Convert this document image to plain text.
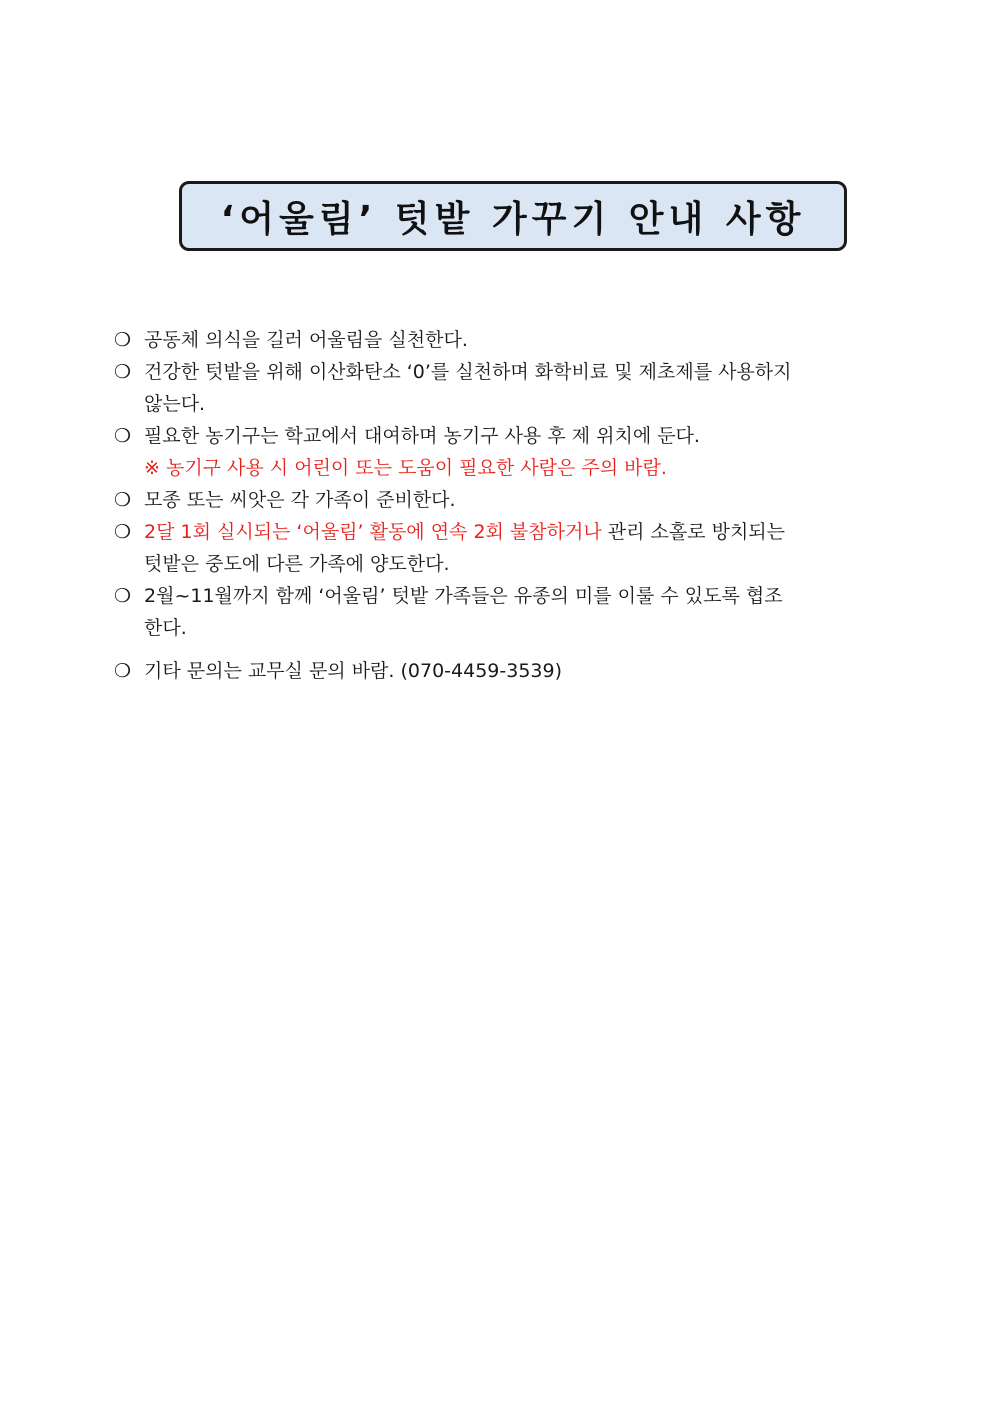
‘어울림’ 텃밭 가꾸기 안내 사항
❍ 공동체 의식을 길러 어울림을 실천한다.
❍ 건강한 텃밭을 위해 이산화탄소 ‘0’를 실천하며 화학비료 및 제초제를 사용하지
않는다.
❍ 필요한 농기구는 학교에서 대여하며 농기구 사용 후 제 위치에 둔다.
※ 농기구 사용 시 어린이 또는 도움이 필요한 사람은 주의 바람.
❍ 모종 또는 씨앗은 각 가족이 준비한다.
❍ 2달 1회 실시되는 ‘어울림’ 활동에 연속 2회 불참하거나 관리 소홀로 방치되는
텃밭은 중도에 다른 가족에 양도한다.
❍ 2월~11월까지 함께 ‘어울림’ 텃밭 가족들은 유종의 미를 이룰 수 있도록 협조
한다.
❍ 기타 문의는 교무실 문의 바람. (070-4459-3539)
